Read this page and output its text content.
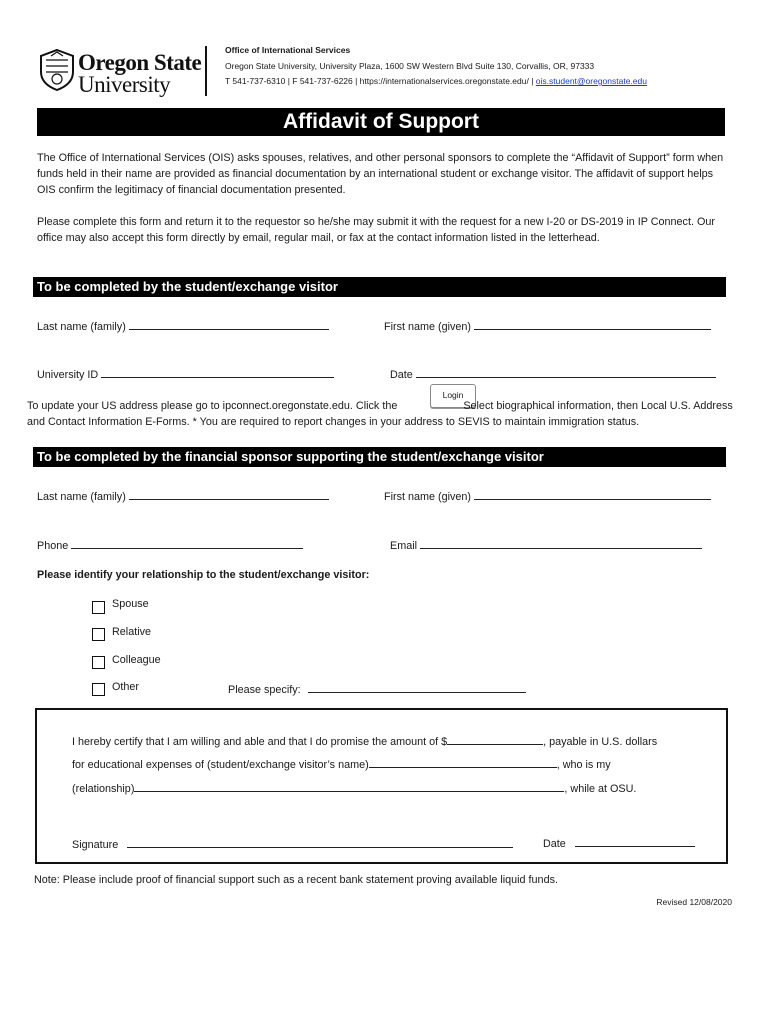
Oregon State
University
Office of International Services
Oregon State University, University Plaza, 1600 SW Western Blvd Suite 130, Corvallis, OR, 97333
T 541-737-6310 | F 541-737-6226 | https://internationalservices.oregonstate.edu/ | ois.student@oregonstate.edu
Affidavit of Support
The Office of International Services (OIS) asks spouses, relatives, and other personal sponsors to complete the “Affidavit of Support” form when funds held in their name are provided as financial documentation by an international student or exchange visitor. The affidavit of support helps OIS confirm the legitimacy of financial documentation presented.
Please complete this form and return it to the requestor so he/she may submit it with the request for a new I-20 or DS-2019 in IP Connect. Our office may also accept this form directly by email, regular mail, or fax at the contact information listed in the letterhead.
To be completed by the student/exchange visitor
Last name (family)	First name (given)
University ID	Date
Login
To update your US address please go to ipconnect.oregonstate.edu. Click the	Select biographical information, then Local U.S. Address and Contact Information E-Forms. * You are required to report changes in your address to SEVIS to maintain immigration status.
To be completed by the financial sponsor supporting the student/exchange visitor
Last name (family)	First name (given)
Phone	Email
Please identify your relationship to the student/exchange visitor:
Spouse
Relative
Colleague
Other	Please specify:
I hereby certify that I am willing and able and that I do promise the amount of $	, payable in U.S. dollars
for educational expenses of (student/exchange visitor’s name)	, who is my
(relationship)	, while at OSU.
Signature	Date
Note: Please include proof of financial support such as a recent bank statement proving available liquid funds.
Revised 12/08/2020
